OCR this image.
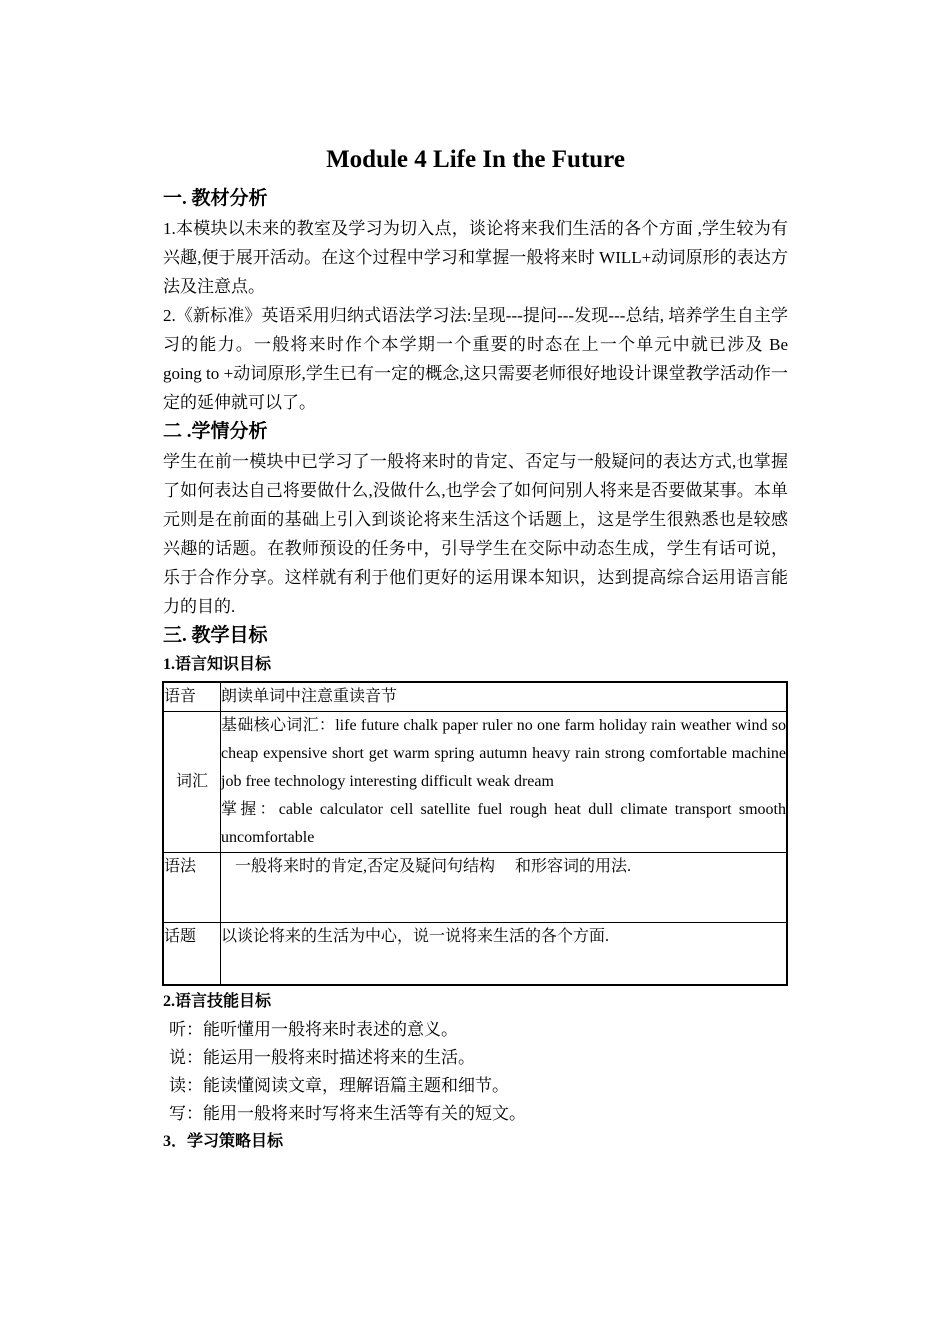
Module 4 Life In the Future
一. 教材分析
1.本模块以未来的教室及学习为切入点，谈论将来我们生活的各个方面 ,学生较为有兴趣,便于展开活动。在这个过程中学习和掌握一般将来时 WILL+动词原形的表达方法及注意点。
2.《新标准》英语采用归纳式语法学习法:呈现---提问---发现---总结, 培养学生自主学习的能力。一般将来时作个本学期一个重要的时态在上一个单元中就已涉及 Be going to +动词原形,学生已有一定的概念,这只需要老师很好地设计课堂教学活动作一定的延伸就可以了。
二 .学情分析
学生在前一模块中已学习了一般将来时的肯定、否定与一般疑问的表达方式,也掌握了如何表达自己将要做什么,没做什么,也学会了如何问别人将来是否要做某事。本单元则是在前面的基础上引入到谈论将来生活这个话题上，这是学生很熟悉也是较感兴趣的话题。在教师预设的任务中，引导学生在交际中动态生成，学生有话可说，乐于合作分享。这样就有利于他们更好的运用课本知识，达到提高综合运用语言能力的目的.
三. 教学目标
1.语言知识目标
语音	朗读单词中注意重读音节
词汇	基础核心词汇：life future chalk paper ruler no one farm holiday rain weather wind so cheap expensive short get warm spring autumn heavy rain strong comfortable machine job free technology interesting difficult weak dream
掌握：cable calculator cell satellite fuel rough heat dull climate transport smooth uncomfortable

语法	一般将来时的肯定,否定及疑问句结构 　和形容词的用法.
话题	以谈论将来的生活为中心，说一说将来生活的各个方面.
2.语言技能目标
听：能听懂用一般将来时表述的意义。
说：能运用一般将来时描述将来的生活。
读：能读懂阅读文章，理解语篇主题和细节。
写：能用一般将来时写将来生活等有关的短文。
3．学习策略目标
